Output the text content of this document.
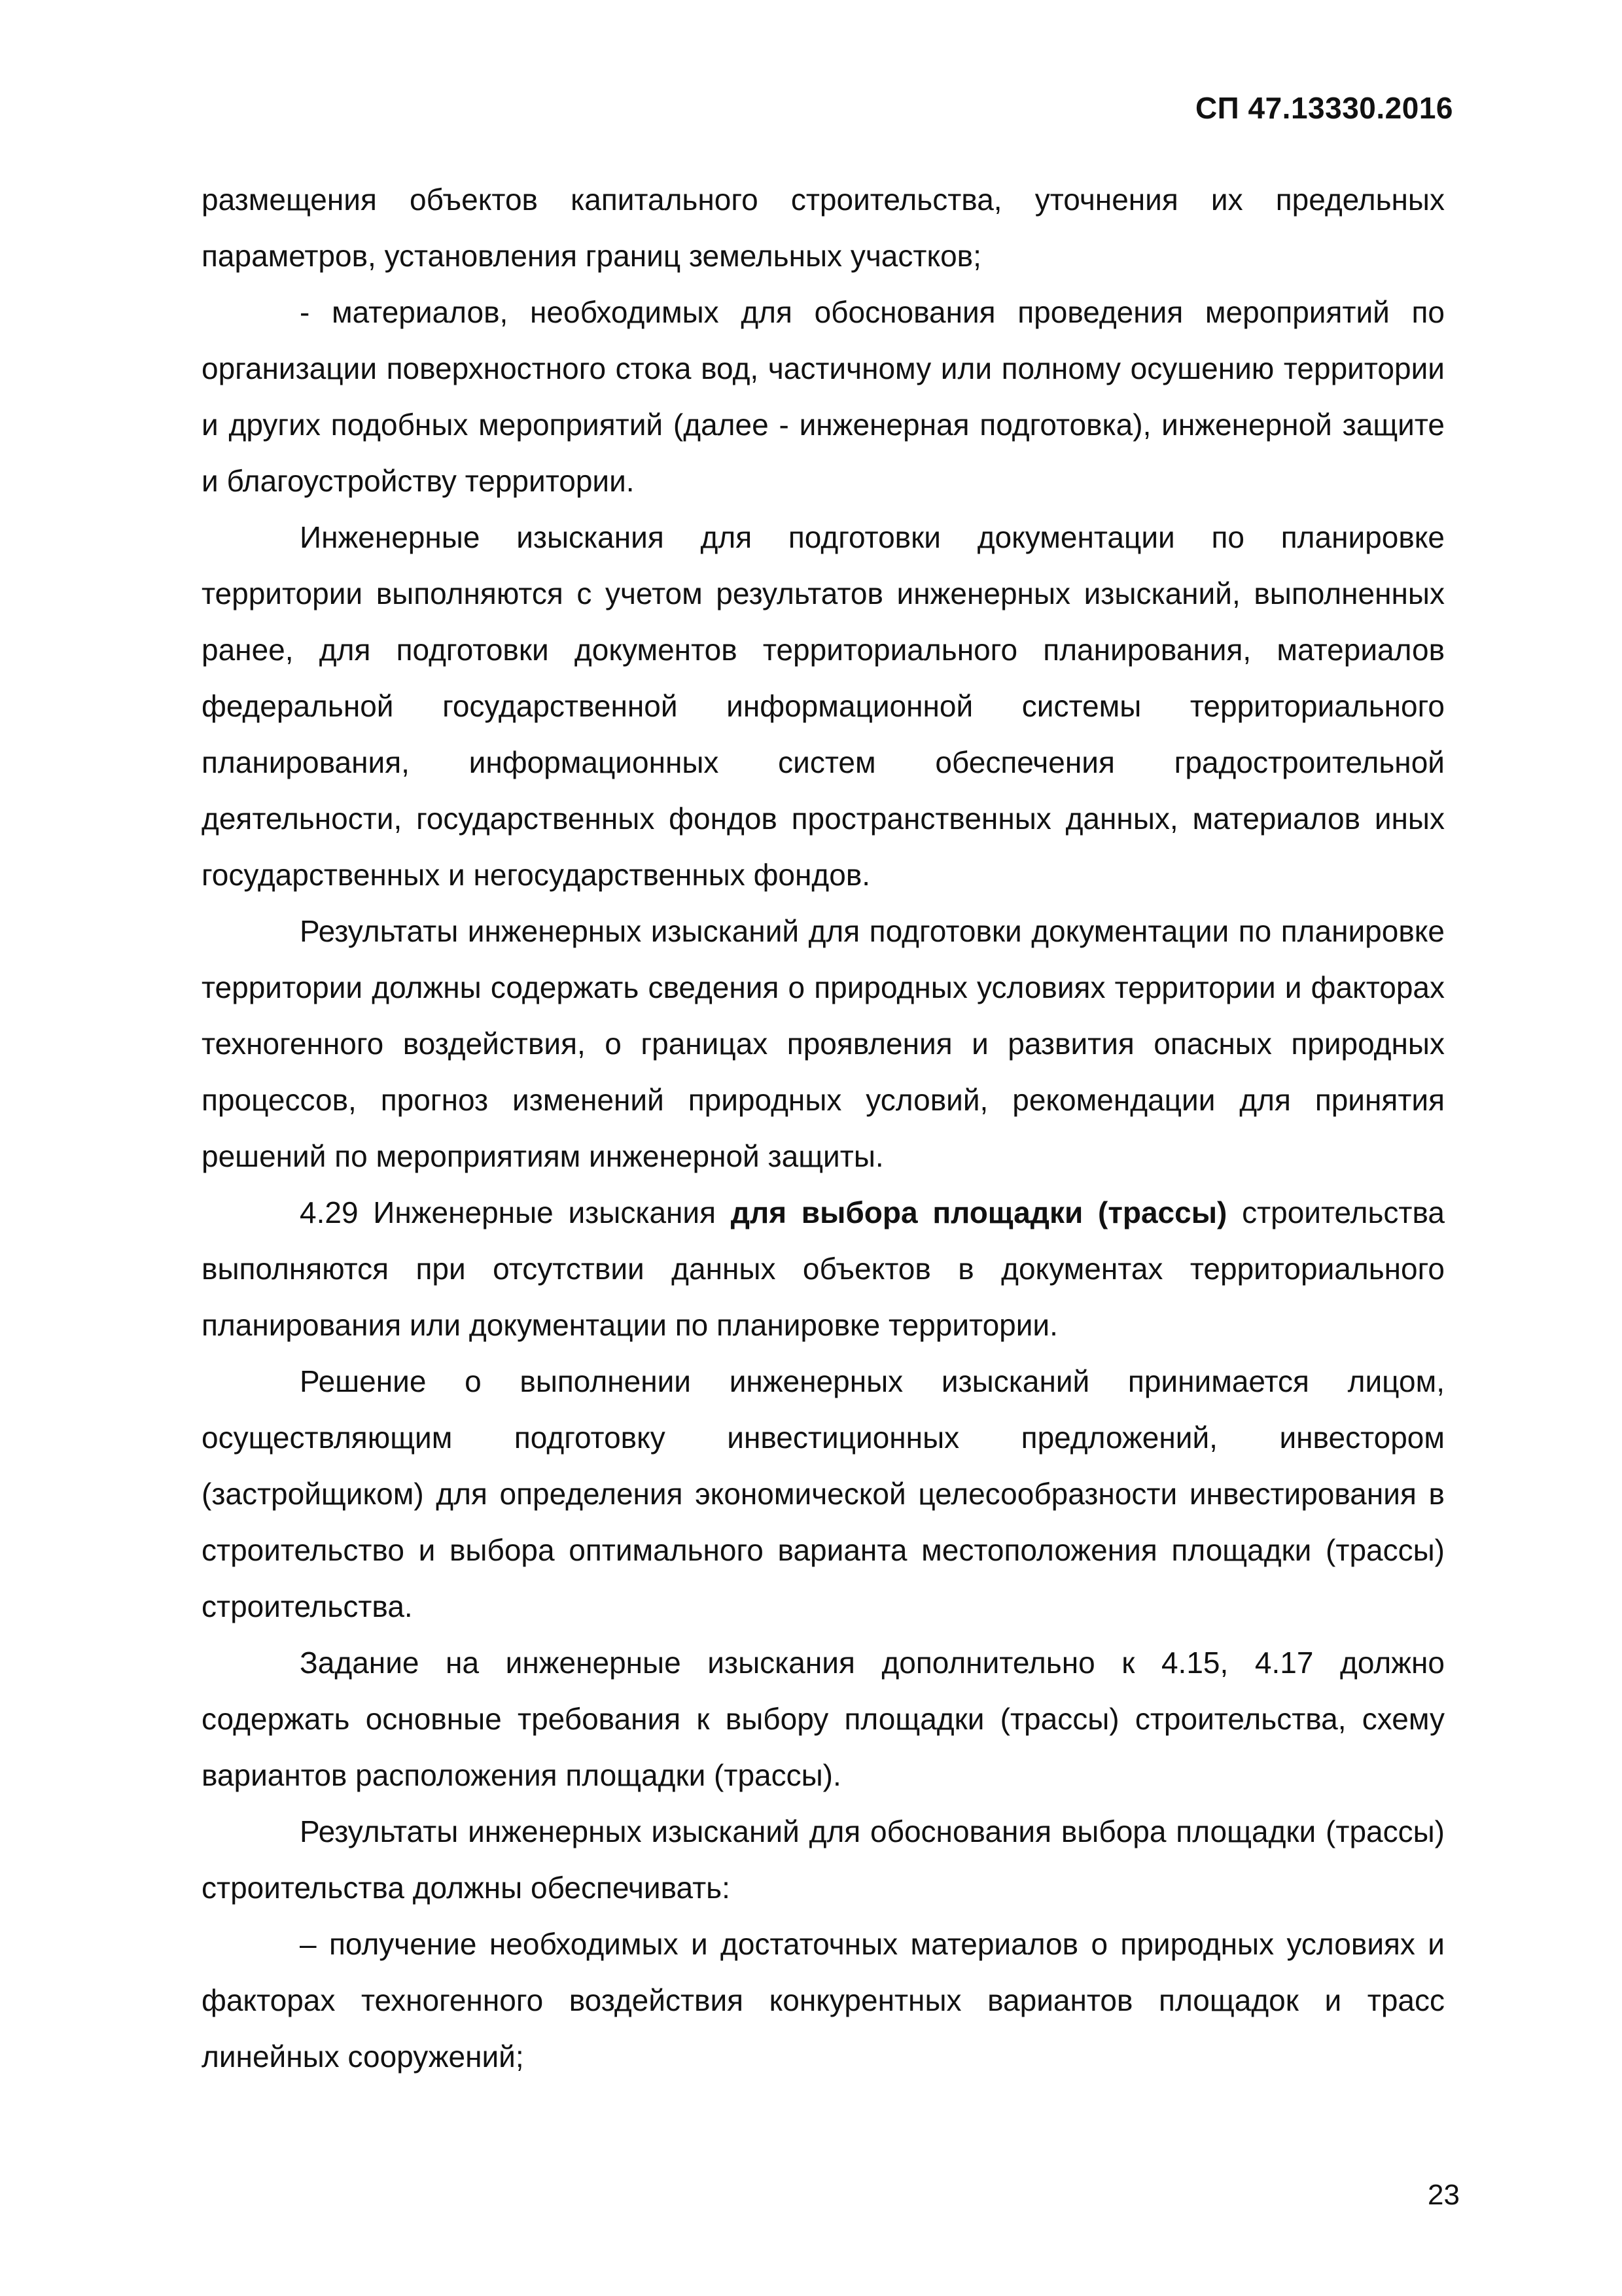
СП 47.13330.2016

размещения объектов капитального строительства, уточнения их предельных параметров, установления границ земельных участков;

- материалов, необходимых для обоснования проведения мероприятий по организации поверхностного стока вод, частичному или полному осушению территории и других подобных мероприятий (далее - инженерная подготовка), инженерной защите и благоустройству территории.

Инженерные изыскания для подготовки документации по планировке территории выполняются с учетом результатов инженерных изысканий, выполненных ранее, для подготовки документов территориального планирования, материалов федеральной государственной информационной системы территориального планирования, информационных систем обеспечения градостроительной деятельности, государственных фондов пространственных данных, материалов иных государственных и негосударственных фондов.

Результаты инженерных изысканий для подготовки документации по планировке территории должны содержать сведения о природных условиях территории и факторах техногенного воздействия, о границах проявления и развития опасных природных процессов, прогноз изменений природных условий, рекомендации для принятия решений по мероприятиям инженерной защиты.

4.29 Инженерные изыскания для выбора площадки (трассы) строительства выполняются при отсутствии данных объектов в документах территориального планирования или документации по планировке территории.

Решение о выполнении инженерных изысканий принимается лицом, осуществляющим подготовку инвестиционных предложений, инвестором (застройщиком) для определения экономической целесообразности инвестирования в строительство и выбора оптимального варианта местоположения площадки (трассы) строительства.

Задание на инженерные изыскания дополнительно к 4.15, 4.17 должно содержать основные требования к выбору площадки (трассы) строительства, схему вариантов расположения площадки (трассы).

Результаты инженерных изысканий для обоснования выбора площадки (трассы) строительства должны обеспечивать:

– получение необходимых и достаточных материалов о природных условиях и факторах техногенного воздействия конкурентных вариантов площадок и трасс линейных сооружений;

23
